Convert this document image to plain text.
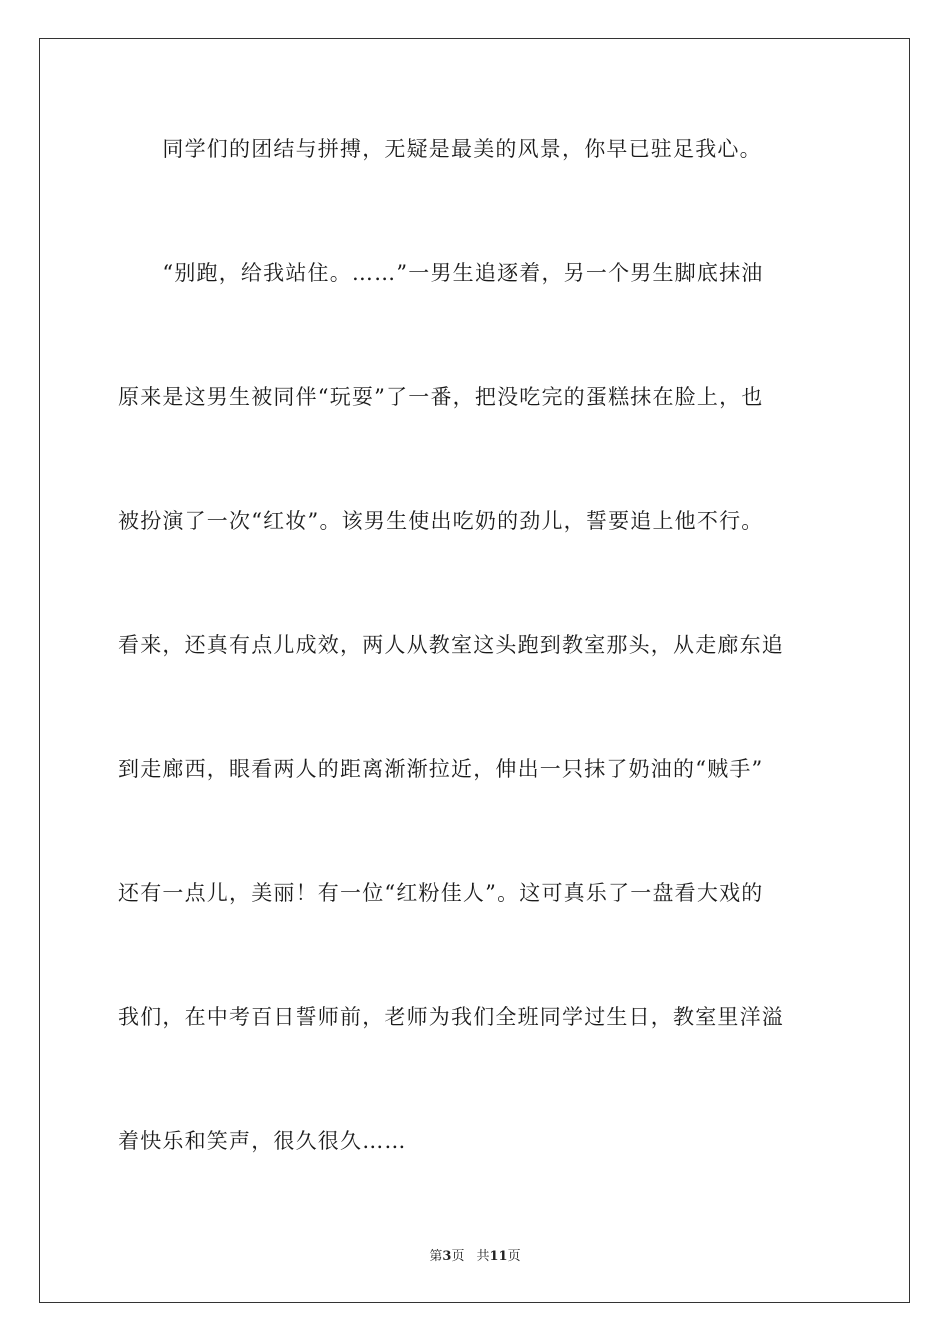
　　同学们的团结与拼搏，无疑是最美的风景，你早已驻足我心。
　　“别跑，给我站住。……”一男生追逐着，另一个男生脚底抹油
原来是这男生被同伴“玩耍”了一番，把没吃完的蛋糕抹在脸上，也
被扮演了一次“红妆”。该男生使出吃奶的劲儿，誓要追上他不行。
看来，还真有点儿成效，两人从教室这头跑到教室那头，从走廊东追
到走廊西，眼看两人的距离渐渐拉近，伸出一只抹了奶油的“贼手”
还有一点儿，美丽！有一位“红粉佳人”。这可真乐了一盘看大戏的
我们，在中考百日誓师前，老师为我们全班同学过生日，教室里洋溢
着快乐和笑声，很久很久……
第3页 共11页
